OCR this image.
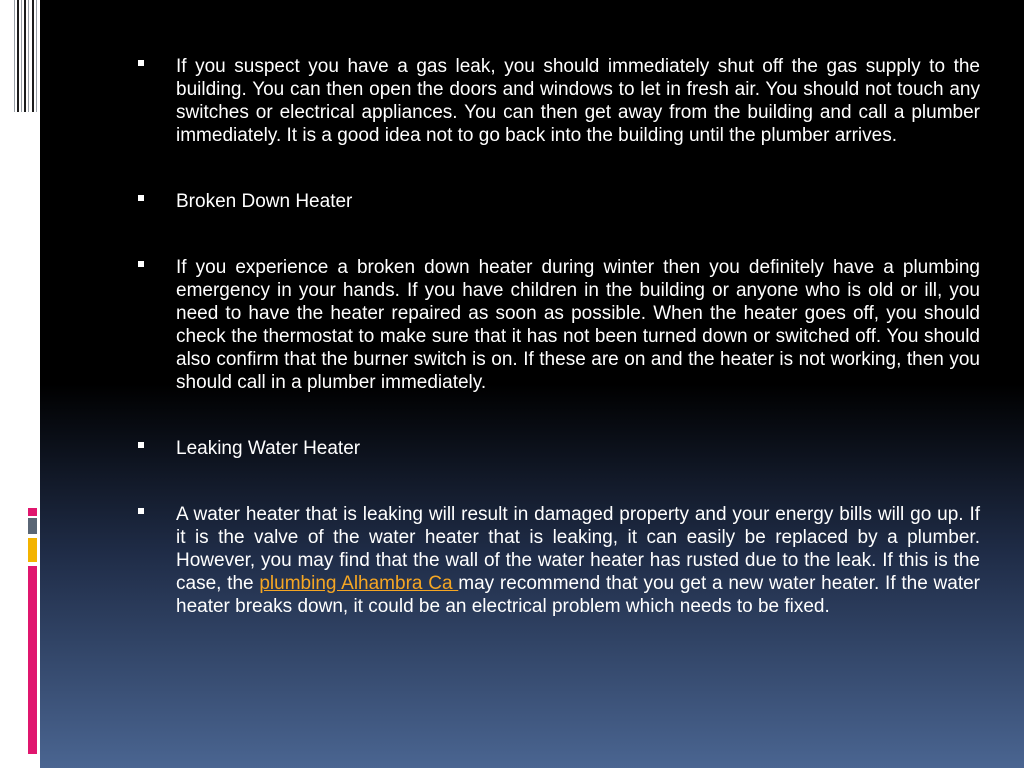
If you suspect you have a gas leak, you should immediately shut off the gas supply to the building. You can then open the doors and windows to let in fresh air. You should not touch any switches or electrical appliances. You can then get away from the building and call a plumber immediately. It is a good idea not to go back into the building until the plumber arrives.
Broken Down Heater
If you experience a broken down heater during winter then you definitely have a plumbing emergency in your hands. If you have children in the building or anyone who is old or ill, you need to have the heater repaired as soon as possible. When the heater goes off, you should check the thermostat to make sure that it has not been turned down or switched off. You should also confirm that the burner switch is on. If these are on and the heater is not working, then you should call in a plumber immediately.
Leaking Water Heater
A water heater that is leaking will result in damaged property and your energy bills will go up. If it is the valve of the water heater that is leaking, it can easily be replaced by a plumber. However, you may find that the wall of the water heater has rusted due to the leak. If this is the case, the plumbing Alhambra Ca may recommend that you get a new water heater. If the water heater breaks down, it could be an electrical problem which needs to be fixed.
